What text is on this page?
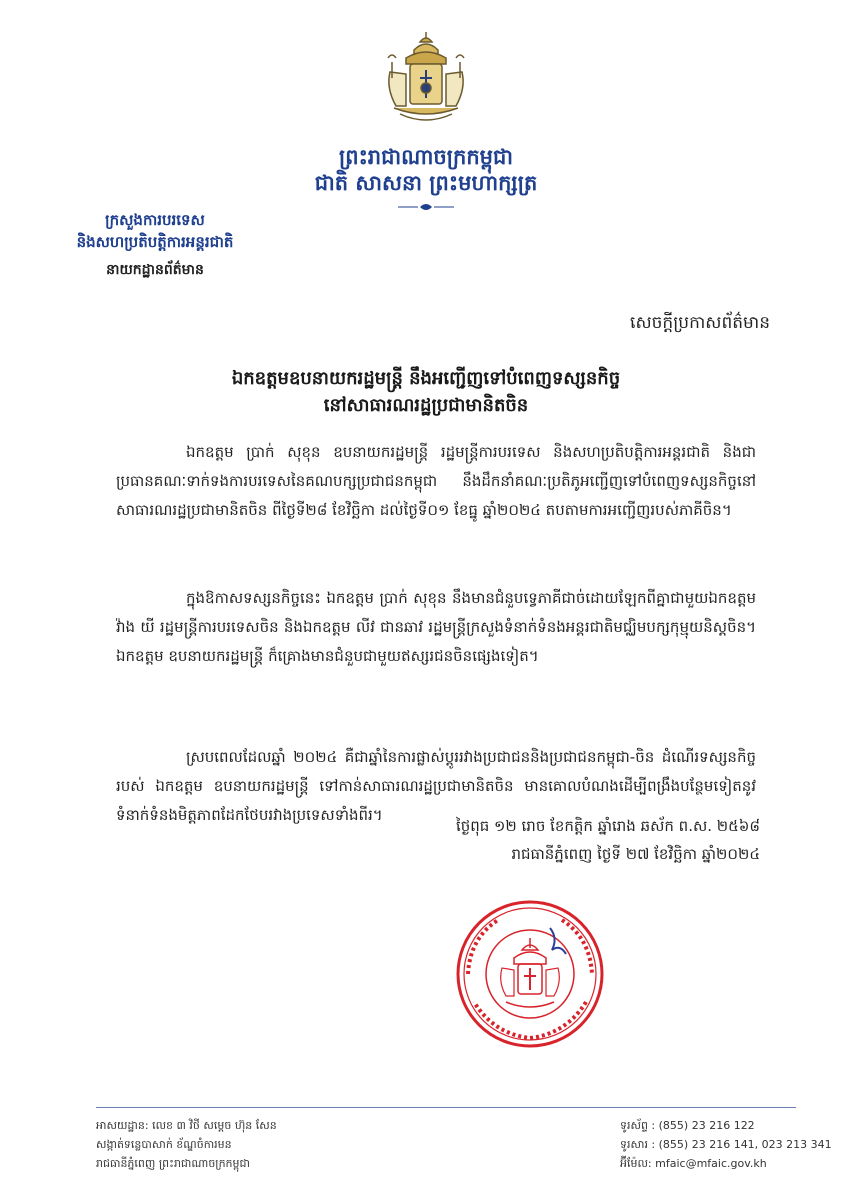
ព្រះរាជាណាចក្រកម្ពុជា
ជាតិ សាសនា ព្រះមហាក្សត្រ
ក្រសួងការបរទេស
និងសហប្រតិបត្តិការអន្តរជាតិ
នាយកដ្ឋានព័ត៌មាន
សេចក្ដីប្រកាសព័ត៌មាន
ឯកឧត្តមឧបនាយករដ្ឋមន្ត្រី នឹងអញ្ជើញទៅបំពេញទស្សនកិច្ច
នៅសាធារណរដ្ឋប្រជាមានិតចិន
ឯកឧត្តម ប្រាក់ សុខុន ឧបនាយករដ្ឋមន្ត្រី រដ្ឋមន្ត្រីការបរទេស និងសហប្រតិបត្តិការអន្តរជាតិ និងជាប្រធានគណៈទាក់ទងការបរទេសនៃគណបក្សប្រជាជនកម្ពុជា នឹងដឹកនាំគណៈប្រតិភូអញ្ជើញទៅបំពេញទស្សនកិច្ចនៅសាធារណរដ្ឋប្រជាមានិតចិន ពីថ្ងៃទី២៨ ខែវិច្ឆិកា ដល់ថ្ងៃទី០១ ខែធ្នូ ឆ្នាំ២០២៤ តបតាមការអញ្ជើញរបស់ភាគីចិន។
ក្នុងឱកាសទស្សនកិច្ចនេះ ឯកឧត្តម ប្រាក់ សុខុន នឹងមានជំនួបទ្វេភាគីជាច់ដោយឡែកពីគ្នាជាមួយឯកឧត្តម វ៉ាង យី រដ្ឋមន្ត្រីការបរទេសចិន និងឯកឧត្តម លីវ ជានឆាវ រដ្ឋមន្ត្រីក្រសួងទំនាក់ទំនងអន្តរជាតិមជ្ឈិមបក្សកុម្មុយនិស្តចិន។ ឯកឧត្តម ឧបនាយករដ្ឋមន្ត្រី ក៏គ្រោងមានជំនួបជាមួយឥស្សរជនចិនផ្សេងទៀត។
ស្របពេលដែលឆ្នាំ ២០២៤ គឺជាឆ្នាំនៃការផ្លាស់ប្ដូររវាងប្រជាជននិងប្រជាជនកម្ពុជា-ចិន ដំណើរទស្សនកិច្ចរបស់ ឯកឧត្តម ឧបនាយករដ្ឋមន្ត្រី ទៅកាន់សាធារណរដ្ឋប្រជាមានិតចិន មានគោលបំណងដើម្បីពង្រឹងបន្ថែមទៀតនូវទំនាក់ទំនងមិត្តភាពដែកថែបរវាងប្រទេសទាំងពីរ។
ថ្ងៃពុធ ១២ រោច ខែកត្ដិក ឆ្នាំរោង ឆស័ក ព.ស. ២៥៦៨
រាជធានីភ្នំពេញ ថ្ងៃទី ២៧ ខែវិច្ឆិកា ឆ្នាំ២០២៤
អាសយដ្ឋាន: លេខ ៣ វិថី សម្ដេច ហ៊ុន សែន
សង្កាត់ទន្លេបាសាក់ ខ័ណ្ឌចំការមន
រាជធានីភ្នំពេញ ព្រះរាជាណាចក្រកម្ពុជា
ទូរស័ព្ទ : (855) 23 216 122
ទូរសារ : (855) 23 216 141, 023 213 341
អ៊ីម៉ែល: mfaic@mfaic.gov.kh
